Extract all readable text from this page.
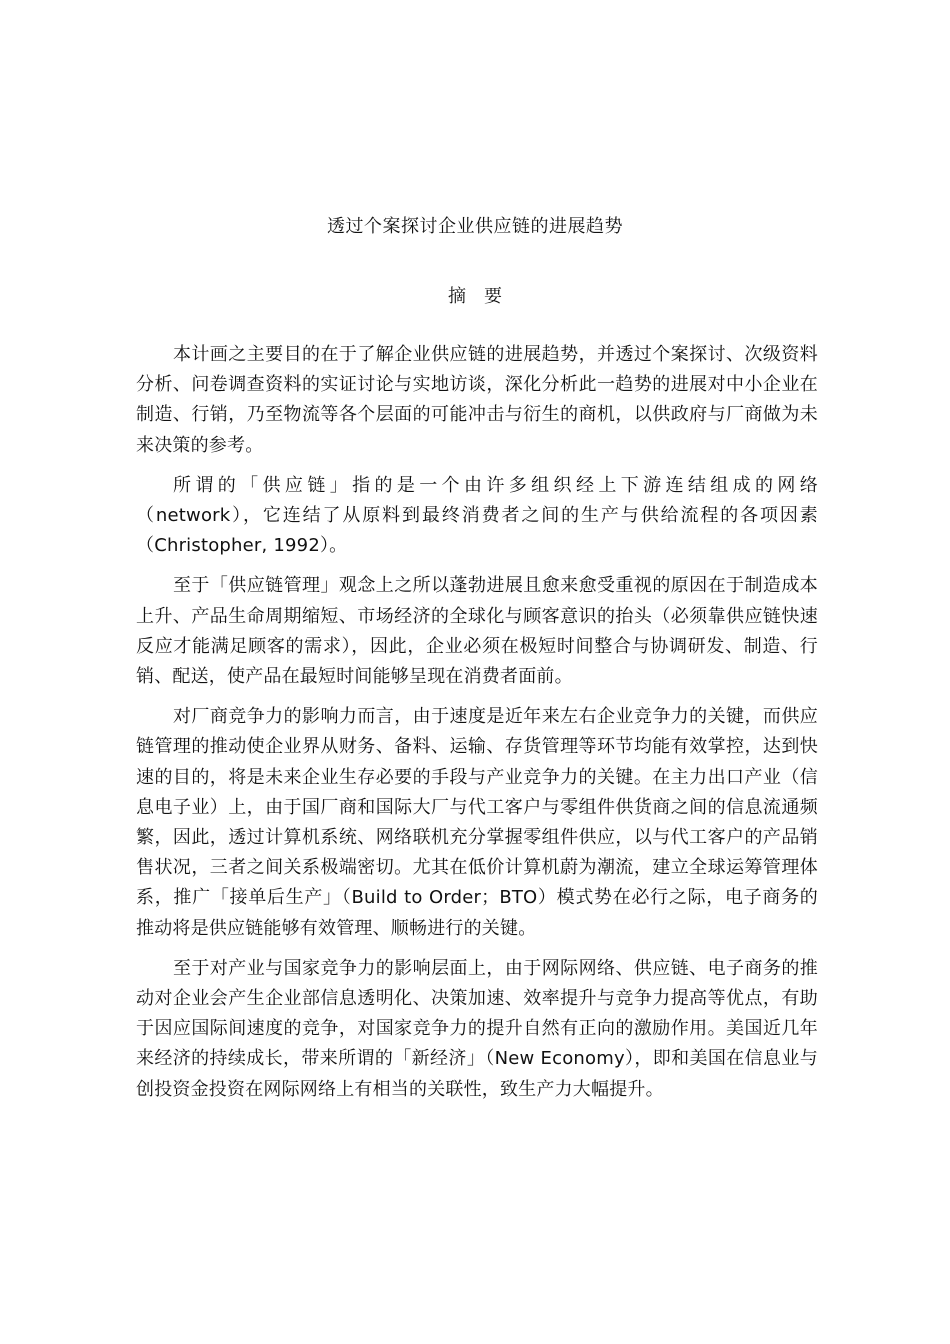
透过个案探讨企业供应链的进展趋势
摘要

本计画之主要目的在于了解企业供应链的进展趋势，并透过个案探讨、次级资料分析、问卷调查资料的实证讨论与实地访谈，深化分析此一趋势的进展对中小企业在制造、行销，乃至物流等各个层面的可能冲击与衍生的商机，以供政府与厂商做为未来决策的参考。

所谓的「供应链」指的是一个由许多组织经上下游连结组成的网络（network），它连结了从原料到最终消费者之间的生产与供给流程的各项因素（Christopher, 1992）。

至于「供应链管理」观念上之所以蓬勃进展且愈来愈受重视的原因在于制造成本上升、产品生命周期缩短、市场经济的全球化与顾客意识的抬头（必须靠供应链快速反应才能满足顾客的需求），因此，企业必须在极短时间整合与协调研发、制造、行销、配送，使产品在最短时间能够呈现在消费者面前。

对厂商竞争力的影响力而言，由于速度是近年来左右企业竞争力的关键，而供应链管理的推动使企业界从财务、备料、运输、存货管理等环节均能有效掌控，达到快速的目的，将是未来企业生存必要的手段与产业竞争力的关键。在主力出口产业（信息电子业）上，由于国厂商和国际大厂与代工客户与零组件供货商之间的信息流通频繁，因此，透过计算机系统、网络联机充分掌握零组件供应，以与代工客户的产品销售状况，三者之间关系极端密切。尤其在低价计算机蔚为潮流，建立全球运筹管理体系，推广「接单后生产」（Build to Order；BTO）模式势在必行之际，电子商务的推动将是供应链能够有效管理、顺畅进行的关键。

至于对产业与国家竞争力的影响层面上，由于网际网络、供应链、电子商务的推动对企业会产生企业部信息透明化、决策加速、效率提升与竞争力提高等优点，有助于因应国际间速度的竞争，对国家竞争力的提升自然有正向的激励作用。美国近几年来经济的持续成长，带来所谓的「新经济」（New Economy），即和美国在信息业与创投资金投资在网际网络上有相当的关联性，致生产力大幅提升。
